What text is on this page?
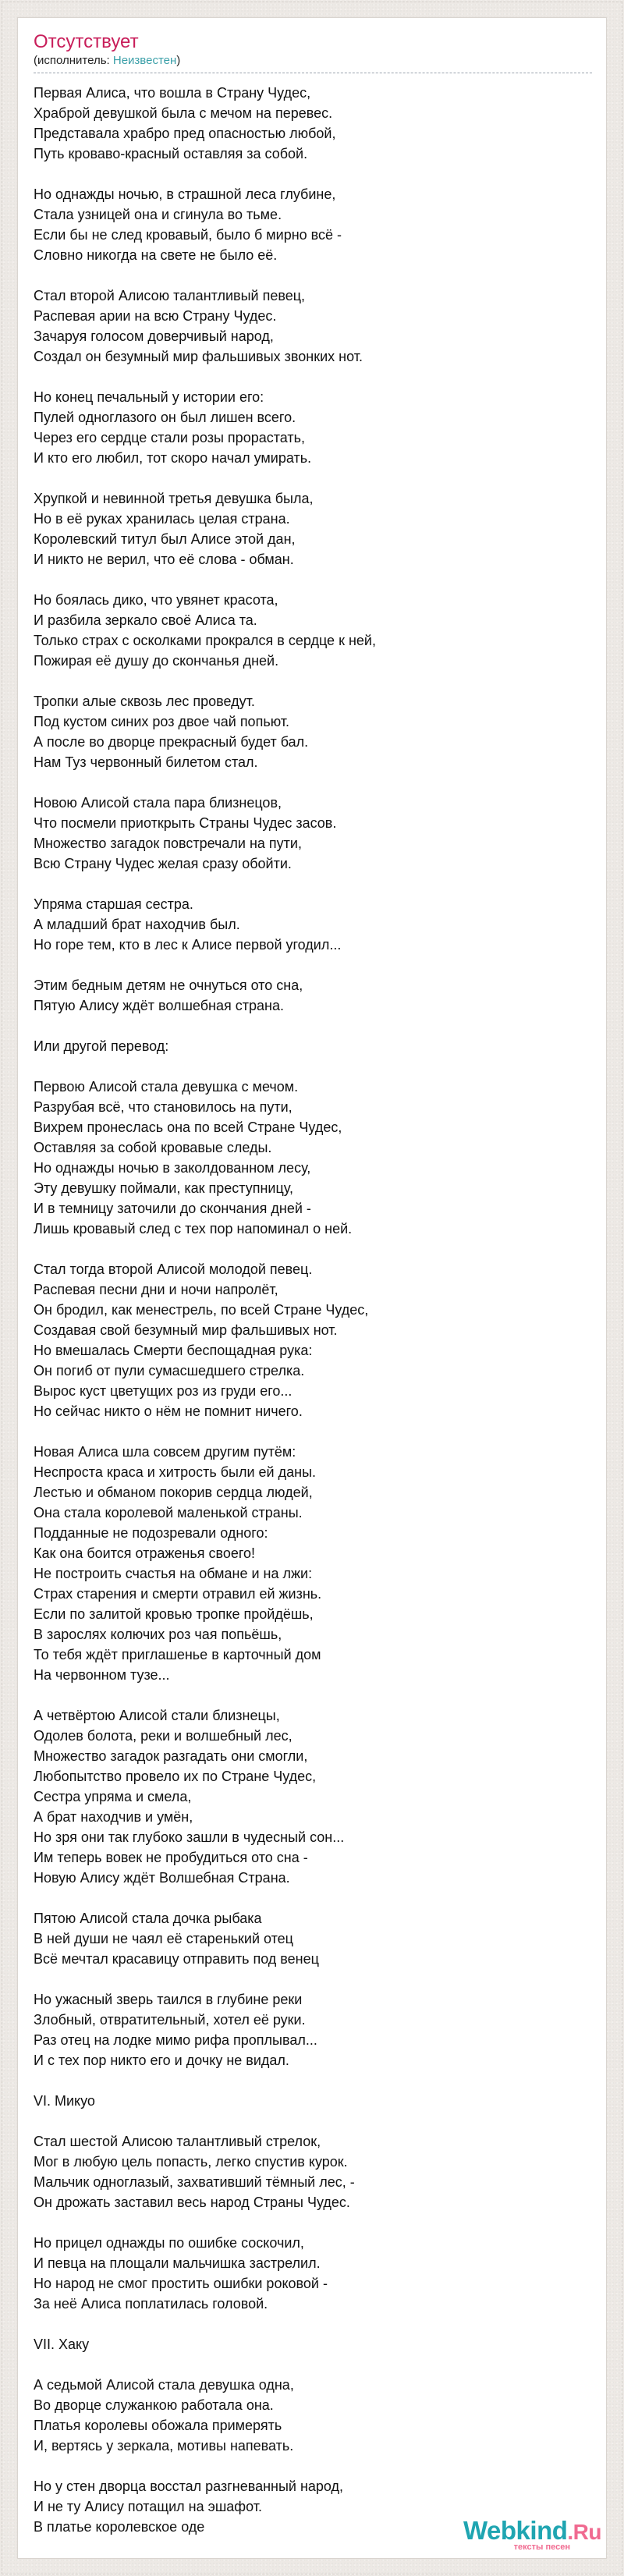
Отсутствует
(исполнитель: Неизвестен)
Первая Алиса, что вошла в Страну Чудес,
Храброй девушкой была с мечом на перевес.
Представала храбро пред опасностью любой,
Путь кроваво-красный оставляя за собой.
Но однажды ночью, в страшной леса глубине,
Стала узницей она и сгинула во тьме.
Если бы не след кровавый, было б мирно всё -
Словно никогда на свете не было её.
Стал второй Алисою талантливый певец,
Распевая арии на всю Страну Чудес.
Зачаруя голосом доверчивый народ,
Создал он безумный мир фальшивых звонких нот.
Но конец печальный у истории его:
Пулей одноглазого он был лишен всего.
Через его сердце стали розы прорастать,
И кто его любил, тот скоро начал умирать.
Хрупкой и невинной третья девушка была,
Но в её руках хранилась целая страна.
Королевский титул был Алисе этой дан,
И никто не верил, что её слова - обман.
Но боялась дико, что увянет красота,
И разбила зеркало своё Алиса та.
Только страх с осколками прокрался в сердце к ней,
Пожирая её душу до скончанья дней.
Тропки алые сквозь лес проведут.
Под кустом синих роз двое чай попьют.
А после во дворце прекрасный будет бал.
Нам Туз червонный билетом стал.
Новою Алисой стала пара близнецов,
Что посмели приоткрыть Страны Чудес засов.
Множество загадок повстречали на пути,
Всю Страну Чудес желая сразу обойти.
Упряма старшая сестра.
А младший брат находчив был.
Но горе тем, кто в лес к Алисе первой угодил...
Этим бедным детям не очнуться ото сна,
Пятую Алису ждёт волшебная страна.
Или другой перевод:
Первою Алисой стала девушка с мечом.
Разрубая всё, что становилось на пути,
Вихрем пронеслась она по всей Стране Чудес,
Оставляя за собой кровавые следы.
Но однажды ночью в заколдованном лесу,
Эту девушку поймали, как преступницу,
И в темницу заточили до скончания дней -
Лишь кровавый след с тех пор напоминал о ней.
Стал тогда второй Алисой молодой певец.
Распевая песни дни и ночи напролёт,
Он бродил, как менестрель, по всей Стране Чудес,
Создавая свой безумный мир фальшивых нот.
Но вмешалась Смерти беспощадная рука:
Он погиб от пули сумасшедшего стрелка.
Вырос куст цветущих роз из груди его...
Но сейчас никто о нём не помнит ничего.
Новая Алиса шла совсем другим путём:
Неспроста краса и хитрость были ей даны.
Лестью и обманом покорив сердца людей,
Она стала королевой маленькой страны.
Подданные не подозревали одного:
Как она боится отраженья своего!
Не построить счастья на обмане и на лжи:
Страх старения и смерти отравил ей жизнь.
Если по залитой кровью тропке пройдёшь,
В зарослях колючих роз чая попьёшь,
То тебя ждёт приглашенье в карточный дом
На червонном тузе...
А четвёртою Алисой стали близнецы,
Одолев болота, реки и волшебный лес,
Множество загадок разгадать они смогли,
Любопытство провело их по Стране Чудес,
Сестра упряма и смела,
А брат находчив и умён,
Но зря они так глубоко зашли в чудесный сон...
Им теперь вовек не пробудиться ото сна -
Новую Алису ждёт Волшебная Страна.
Пятою Алисой стала дочка рыбака
В ней души не чаял её старенький отец
Всё мечтал красавицу отправить под венец
Но ужасный зверь таился в глубине реки
Злобный, отвратительный, хотел её руки.
Раз отец на лодке мимо рифа проплывал...
И с тех пор никто его и дочку не видал.
VI. Микуо
Стал шестой Алисою талантливый стрелок,
Мог в любую цель попасть, легко спустив курок.
Мальчик одноглазый, захвативший тёмный лес, -
Он дрожать заставил весь народ Страны Чудес.
Но прицел однажды по ошибке соскочил,
И певца на площали мальчишка застрелил.
Но народ не смог простить ошибки роковой -
За неё Алиса поплатилась головой.
VII. Хаку
А седьмой Алисой стала девушка одна,
Во дворце служанкою работала она.
Платья королевы обожала примерять
И, вертясь у зеркала, мотивы напевать.
Но у стен дворца восстал разгневанный народ,
И не ту Алису потащил на эшафот.
В платье королевское оде	Webkind.Ru
тексты песен
